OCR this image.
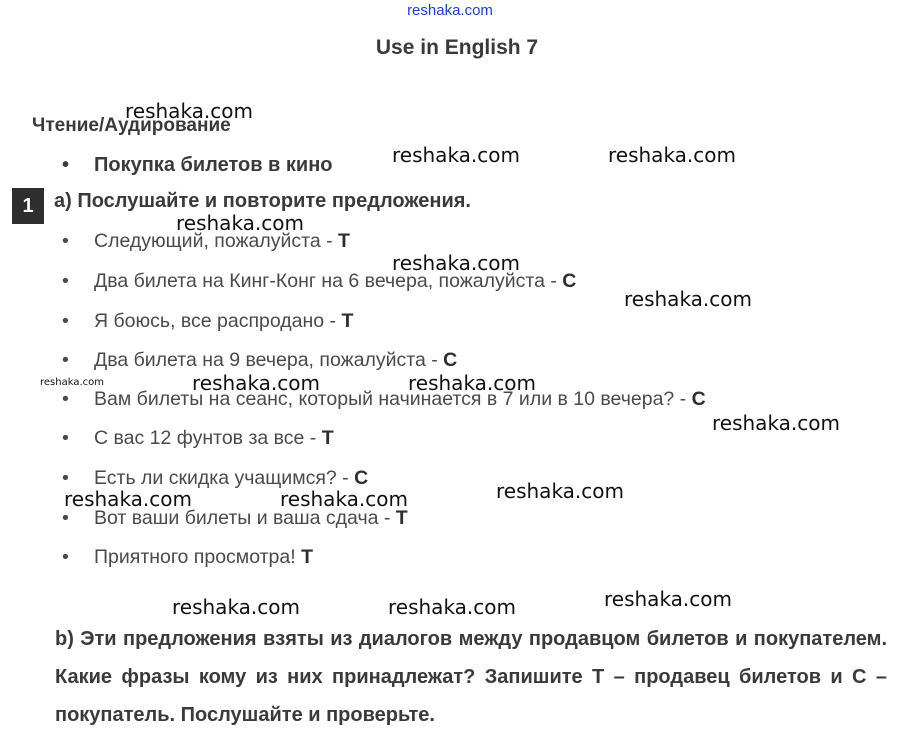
reshaka.com
Use in English 7
Чтение/Аудирование
• Покупка билетов в кино
1	a) Послушайте и повторите предложения.
• Следующий, пожалуйста - Т
• Два билета на Кинг-Конг на 6 вечера, пожалуйста - С
• Я боюсь, все распродано - Т
• Два билета на 9 вечера, пожалуйста - С
• Вам билеты на сеанс, который начинается в 7 или в 10 вечера? - С
• С вас 12 фунтов за все - Т
• Есть ли скидка учащимся? - С
• Вот ваши билеты и ваша сдача - Т
• Приятного просмотра! Т
b) Эти предложения взяты из диалогов между продавцом билетов и покупателем. Какие фразы кому из них принадлежат? Запишите Т – продавец билетов и С – покупатель. Послушайте и проверьте.
reshaka.com
reshaka.com	reshaka.com
reshaka.com
reshaka.com
reshaka.com
reshaka.com	reshaka.com	reshaka.com
reshaka.com
reshaka.com
reshaka.com	reshaka.com
reshaka.com
reshaka.com	reshaka.com
